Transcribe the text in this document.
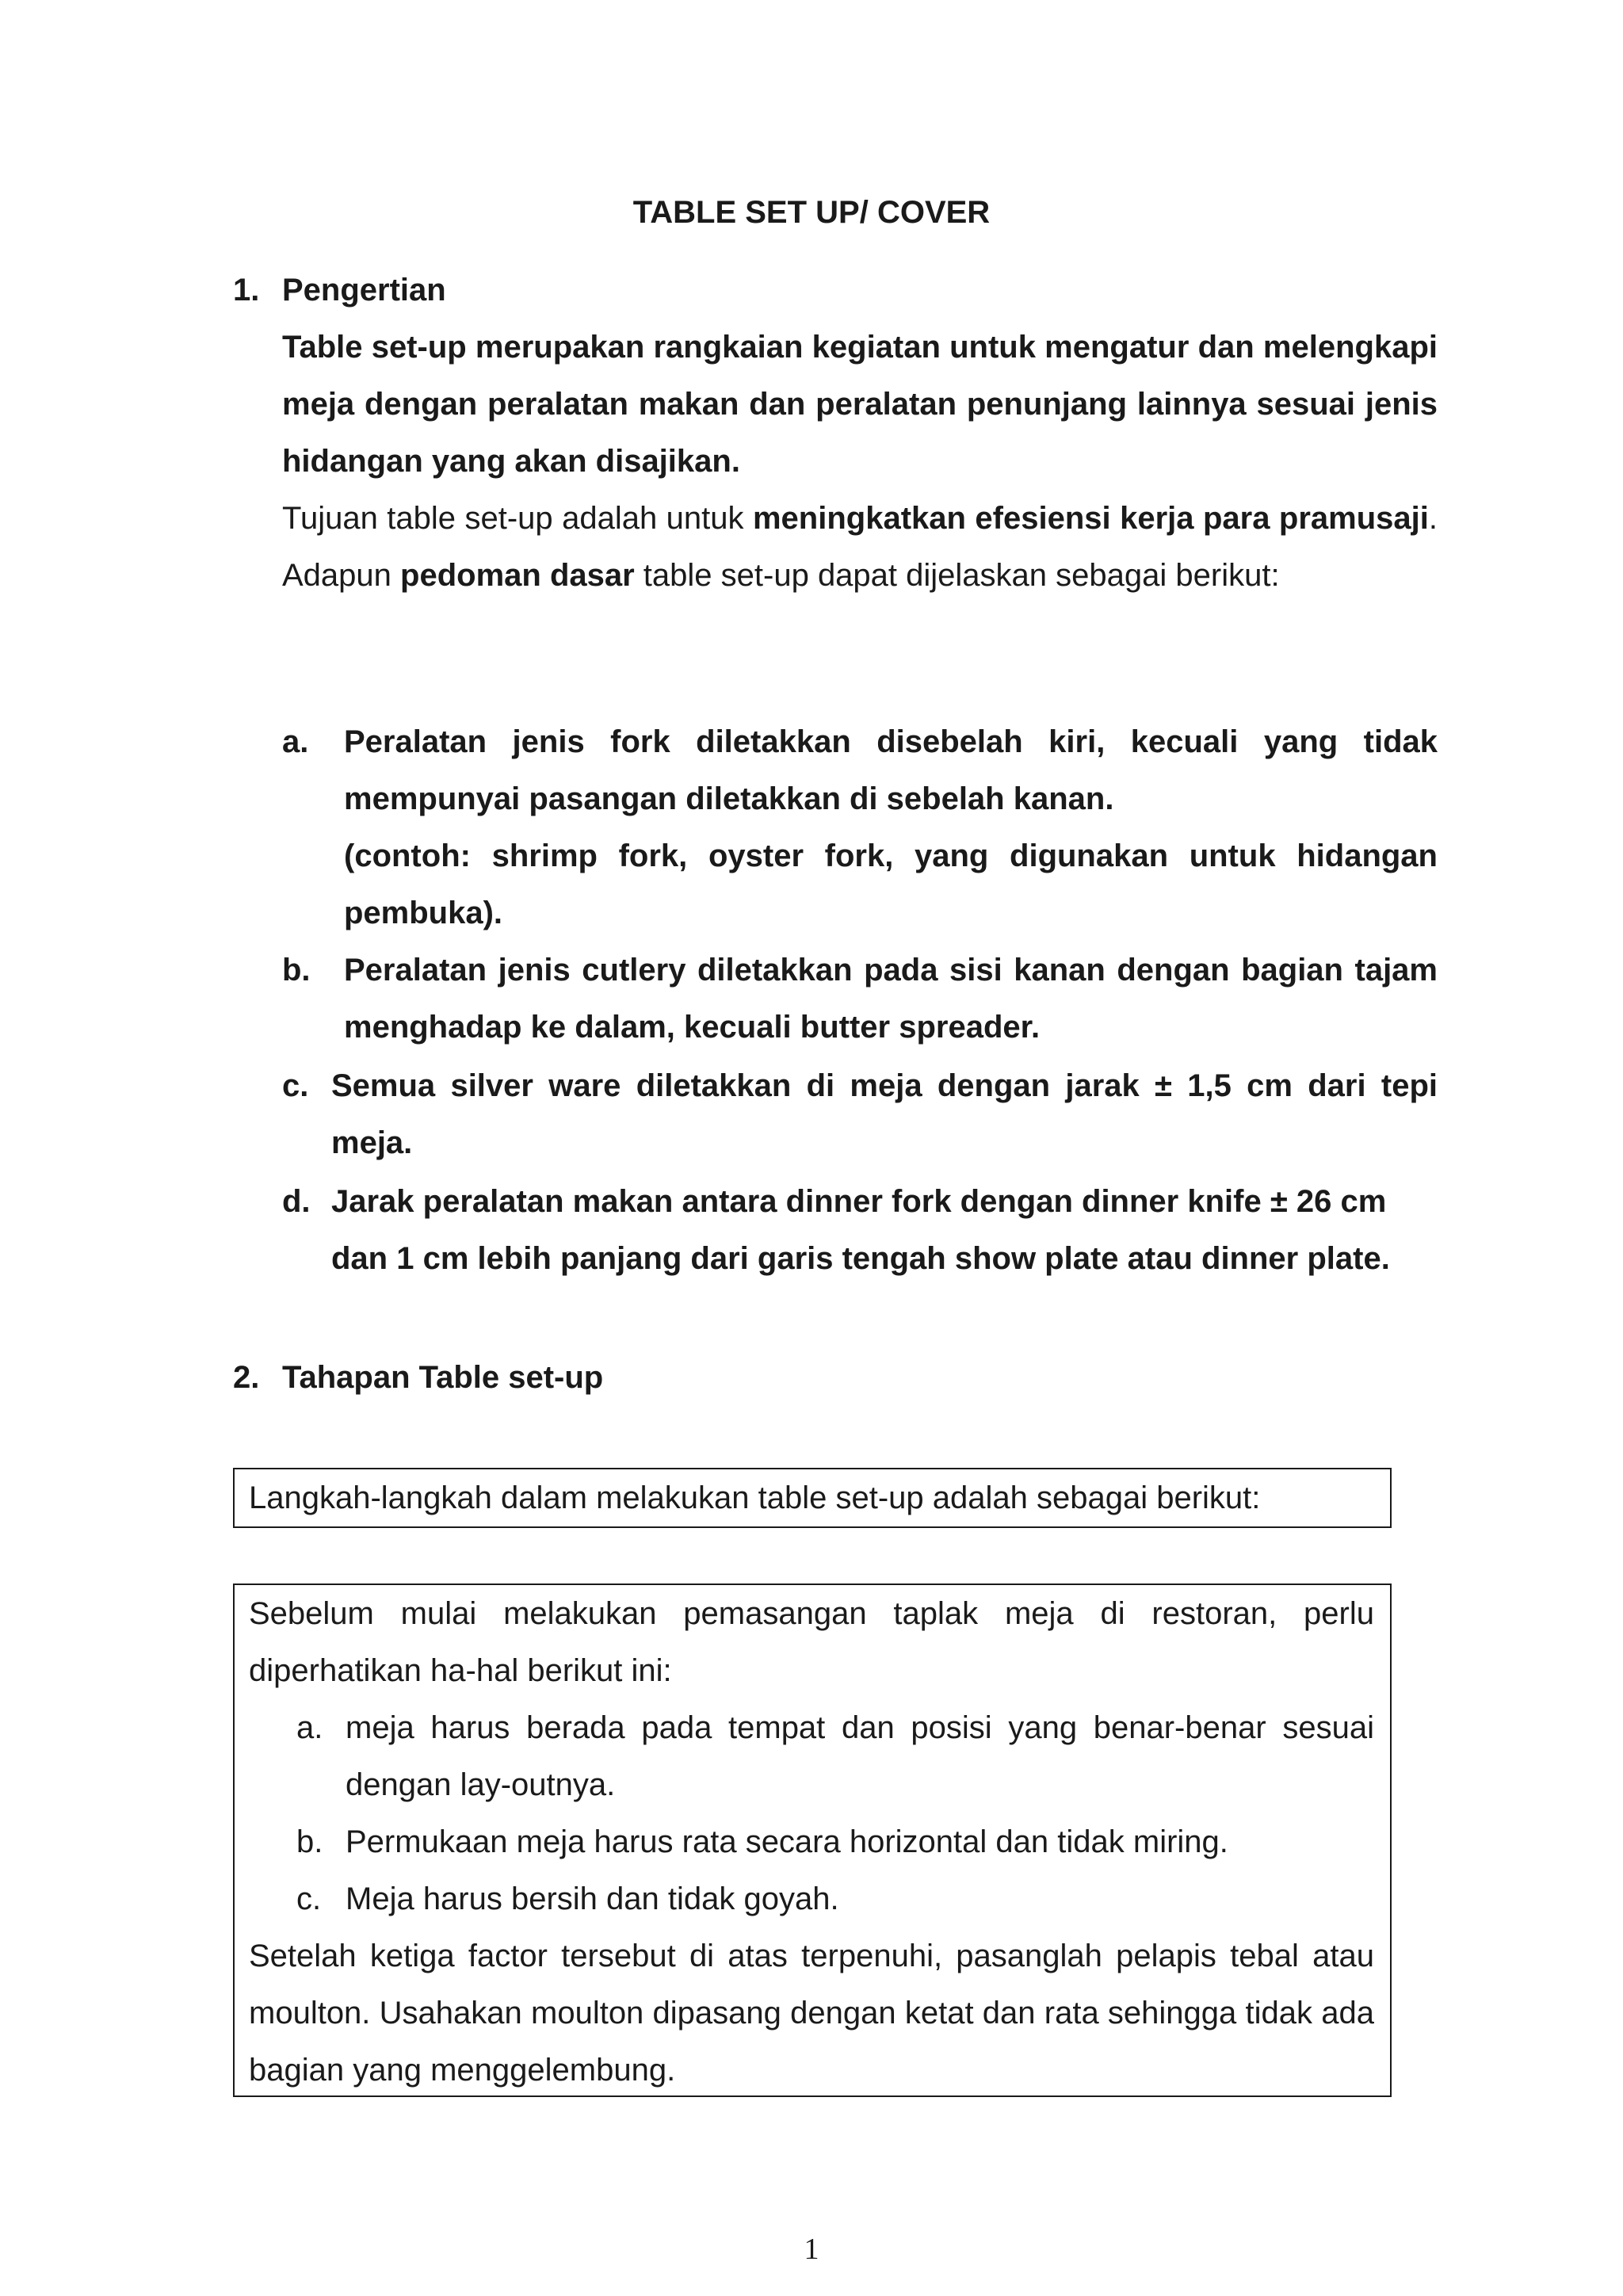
TABLE SET UP/ COVER
1. Pengertian
Table set-up merupakan rangkaian kegiatan untuk mengatur dan melengkapi meja dengan peralatan makan dan peralatan penunjang lainnya sesuai jenis hidangan yang akan disajikan.
Tujuan table set-up adalah untuk meningkatkan efesiensi kerja para pramusaji. Adapun pedoman dasar table set-up dapat dijelaskan sebagai berikut:
a. Peralatan jenis fork diletakkan disebelah kiri, kecuali yang tidak mempunyai pasangan diletakkan di sebelah kanan.
(contoh: shrimp fork, oyster fork, yang digunakan untuk hidangan pembuka).
b. Peralatan jenis cutlery diletakkan pada sisi kanan dengan bagian tajam menghadap ke dalam, kecuali butter spreader.
c. Semua silver ware diletakkan di meja dengan jarak ± 1,5 cm dari tepi meja.
d. Jarak peralatan makan antara dinner fork dengan dinner knife ± 26 cm dan 1 cm lebih panjang dari garis tengah show plate atau dinner plate.
2. Tahapan Table set-up
Langkah-langkah dalam melakukan table set-up adalah sebagai berikut:
Sebelum mulai melakukan pemasangan taplak meja di restoran, perlu diperhatikan ha-hal berikut ini:
a. meja harus berada pada tempat dan posisi yang benar-benar sesuai dengan lay-outnya.
b. Permukaan meja harus rata secara horizontal dan tidak miring.
c. Meja harus bersih dan tidak goyah.
Setelah ketiga factor tersebut di atas terpenuhi, pasanglah pelapis tebal atau moulton. Usahakan moulton dipasang dengan ketat dan rata sehingga tidak ada bagian yang menggelembung.
1
